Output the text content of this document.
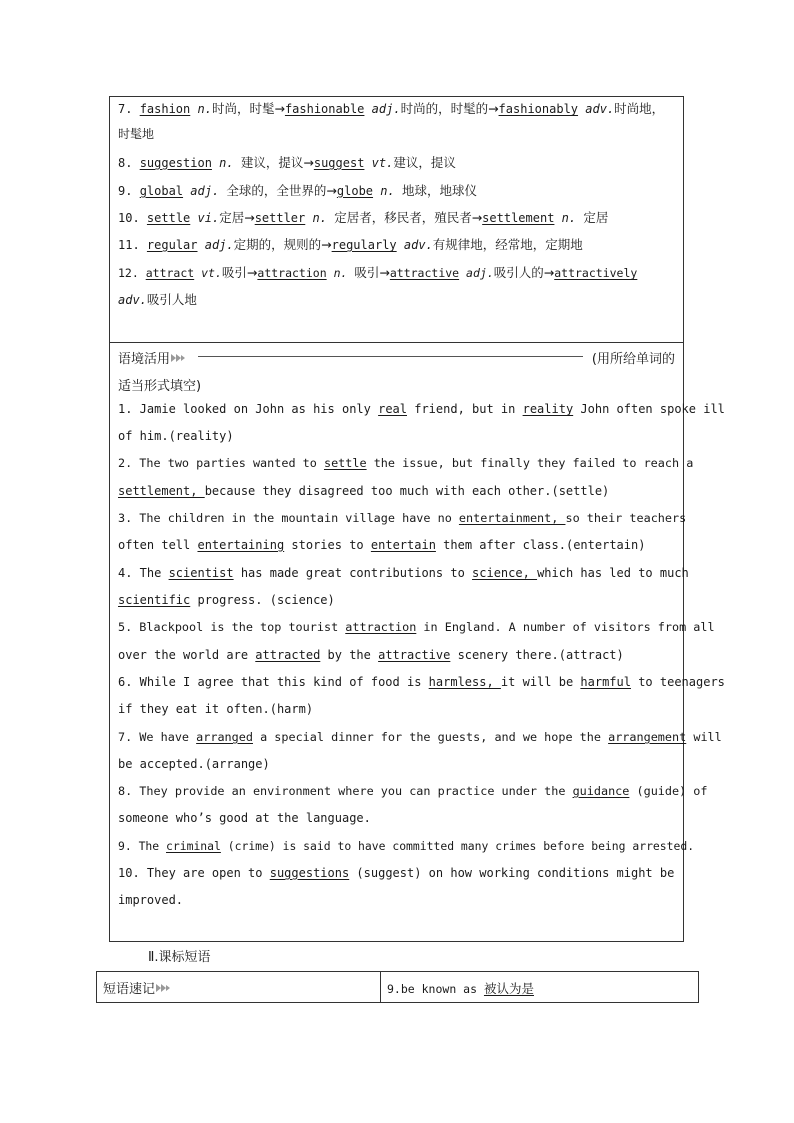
7. fashion n.时尚，时髦→fashionable adj.时尚的，时髦的→fashionably adv.时尚地，
时髦地
8. suggestion n. 建议，提议→suggest vt.建议，提议
9. global adj. 全球的，全世界的→globe n. 地球，地球仪
10. settle vi.定居→settler n. 定居者，移民者，殖民者→settlement n. 定居
11. regular adj.定期的，规则的→regularly adv.有规律地，经常地，定期地
12. attract vt.吸引→attraction n. 吸引→attractive adj.吸引人的→attractively
adv.吸引人地
语境活用	(用所给单词的
适当形式填空)
1. Jamie looked on John as his only real friend, but in reality John often spoke ill
of him.(reality)
2. The two parties wanted to settle the issue, but finally they failed to reach a
settlement, because they disagreed too much with each other.(settle)
3. The children in the mountain village have no entertainment, so their teachers
often tell entertaining stories to entertain them after class.(entertain)
4. The scientist has made great contributions to science, which has led to much
scientific progress. (science)
5. Blackpool is the top tourist attraction in England. A number of visitors from all
over the world are attracted by the attractive scenery there.(attract)
6. While I agree that this kind of food is harmless, it will be harmful to teenagers
if they eat it often.(harm)
7. We have arranged a special dinner for the guests, and we hope the arrangement will
be accepted.(arrange)
8. They provide an environment where you can practice under the guidance (guide) of
someone who’s good at the language.
9. The criminal (crime) is said to have committed many crimes before being arrested.
10. They are open to suggestions (suggest) on how working conditions might be
improved.
Ⅱ.课标短语
短语速记	9.be known as 被认为是
